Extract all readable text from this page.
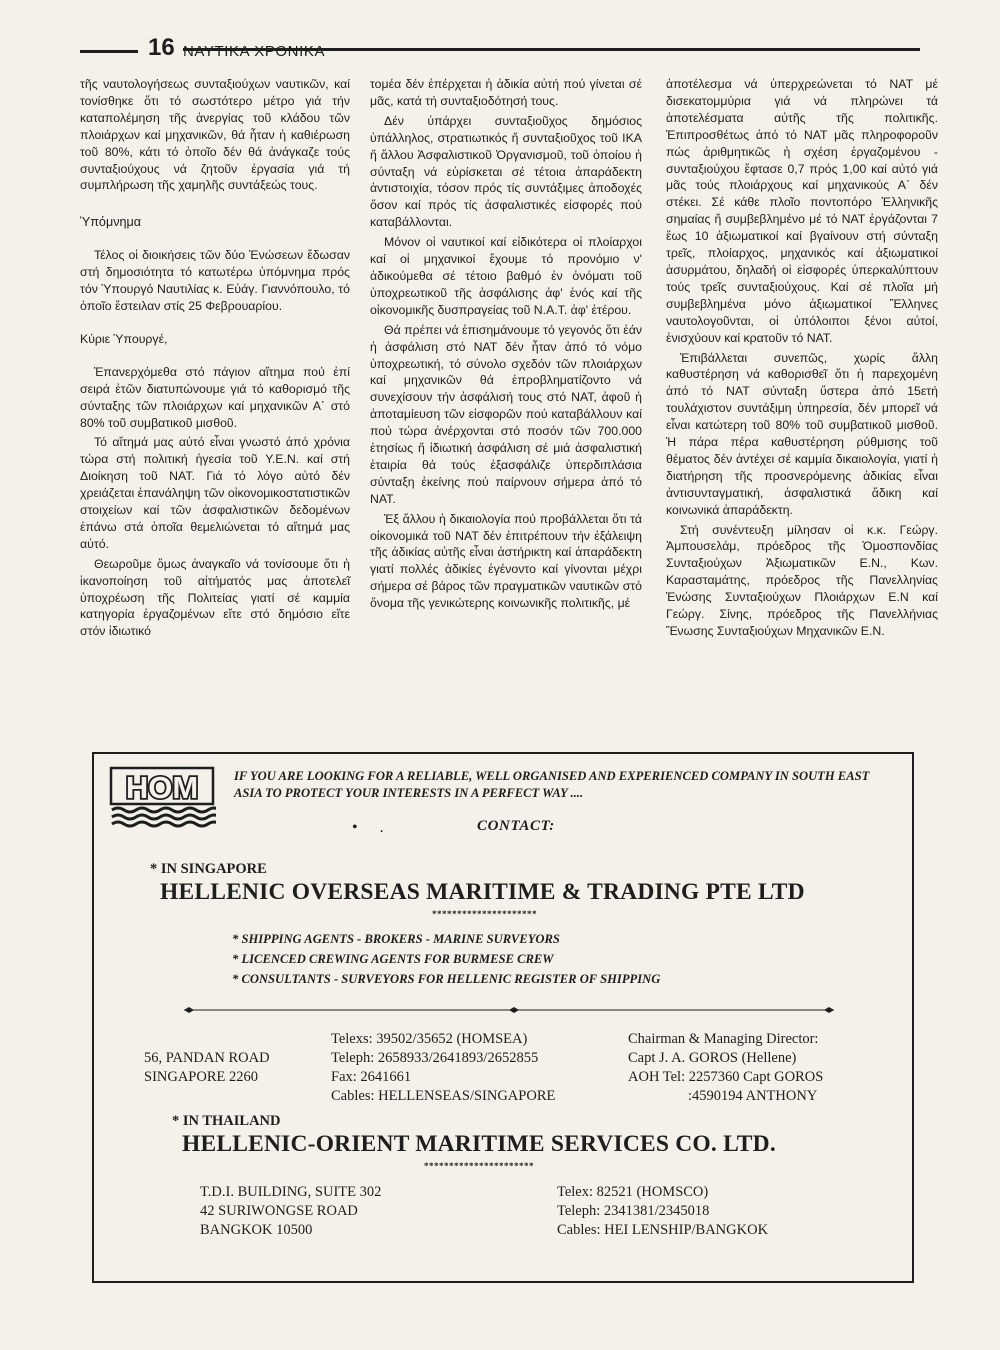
16 ΝΑΥΤΙΚΑ ΧΡΟΝΙΚΑ

τῆς ναυτολογήσεως συνταξιούχων ναυτικῶν, καί τονίσθηκε ὅτι τό σωστότερο μέτρο γιά τήν καταπολέμηση τῆς ἀνεργίας τοῦ κλάδου τῶν πλοιάρχων καί μηχανικῶν, θά ἦταν ἡ καθιέρωση τοῦ 80%, κάτι τό ὁποῖο δέν θά ἀνάγκαζε τούς συνταξιούχους νά ζητοῦν ἐργασία γιά τή συμπλήρωση τῆς χαμηλῆς συντάξεώς τους.

Ὑπόμνημα

Τέλος οἱ διοικήσεις τῶν δύο Ἑνώσεων ἔδωσαν στή δημοσιότητα τό κατωτέρω ὑπόμνημα πρός τόν Ὑπουργό Ναυτιλίας κ. Εὐάγ. Γιαννόπουλο, τό ὁποῖο ἔστειλαν στίς 25 Φεβρουαρίου.

Κύριε Ὑπουργέ,

Ἐπανερχόμεθα στό πάγιον αἴτημα πού ἐπί σειρά ἐτῶν διατυπώνουμε γιά τό καθορισμό τῆς σύνταξης τῶν πλοιάρχων καί μηχανικῶν Α΄ στό 80% τοῦ συμβατικοῦ μισθοῦ.

Τό αἴτημά μας αὐτό εἶναι γνωστό ἀπό χρόνια τώρα στή πολιτική ἡγεσία τοῦ Υ.Ε.Ν. καί στή Διοίκηση τοῦ ΝΑΤ. Γιά τό λόγο αὐτό δέν χρειάζεται ἐπανάληψη τῶν οἰκονομικοστατιστικῶν στοιχείων καί τῶν ἀσφαλιστικῶν δεδομένων ἐπάνω στά ὁποῖα θεμελιώνεται τό αἴτημά μας αὐτό.

Θεωροῦμε ὅμως ἀναγκαῖο νά τονίσουμε ὅτι ἡ ἱκανοποίηση τοῦ αἰτήματός μας ἀποτελεῖ ὑποχρέωση τῆς Πολιτείας γιατί σέ καμμία κατηγορία ἐργαζομένων εἴτε στό δημόσιο εἴτε στόν ἰδιωτικό

τομέα δέν ἐπέρχεται ἡ ἀδικία αὐτή πού γίνεται σέ μᾶς, κατά τή συνταξιοδότησή τους.

Δέν ὑπάρχει συνταξιοῦχος δημόσιος ὑπάλληλος, στρατιωτικός ἤ συνταξιοῦχος τοῦ ΙΚΑ ἤ ἄλλου Ἀσφαλιστικοῦ Ὀργανισμοῦ, τοῦ ὁποίου ἡ σύνταξη νά εὑρίσκεται σέ τέτοια ἀπαράδεκτη ἀντιστοιχία, τόσον πρός τίς συντάξιμες ἀποδοχές ὅσον καί πρός τίς ἀσφαλιστικές εἰσφορές πού καταβάλλονται.

Μόνον οἱ ναυτικοί καί εἰδικότερα οἱ πλοίαρχοι καί οἱ μηχανικοί ἔχουμε τό προνόμιο ν' ἀδικούμεθα σέ τέτοιο βαθμό ἐν ὀνόματι τοῦ ὑποχρεωτικοῦ τῆς ἀσφάλισης ἀφ' ἑνός καί τῆς οἰκονομικῆς δυσπραγείας τοῦ Ν.Α.Τ. ἀφ' ἑτέρου.

Θά πρέπει νά ἐπισημάνουμε τό γεγονός ὅτι ἐάν ἡ ἀσφάλιση στό ΝΑΤ δέν ἦταν ἀπό τό νόμο ὑποχρεωτική, τό σύνολο σχεδόν τῶν πλοιάρχων καί μηχανικῶν θά ἐπροβληματίζοντο νά συνεχίσουν τήν ἀσφάλισή τους στό ΝΑΤ, ἀφοῦ ἡ ἀποταμίευση τῶν εἰσφορῶν πού καταβάλλουν καί πού τώρα ἀνέρχονται στό ποσόν τῶν 700.000 ἐτησίως ἤ ἰδιωτική ἀσφάλιση σέ μιά ἀσφαλιστική ἑταιρία θά τούς ἐξασφάλιζε ὑπερδιπλάσια σύνταξη ἐκείνης πού παίρνουν σήμερα ἀπό τό ΝΑΤ.

Ἐξ ἄλλου ἡ δικαιολογία πού προβάλλεται ὅτι τά οἰκονομικά τοῦ ΝΑΤ δέν ἐπιτρέπουν τήν ἐξάλειψη τῆς ἀδικίας αὐτῆς εἶναι ἀστήρικτη καί ἀπαράδεκτη γιατί πολλές ἀδικίες ἐγένοντο καί γίνονται μέχρι σήμερα σέ βάρος τῶν πραγματικῶν ναυτικῶν στό ὄνομα τῆς γενικώτερης κοινωνικῆς πολιτικῆς, μέ

ἀποτέλεσμα νά ὑπερχρεώνεται τό ΝΑΤ μέ δισεκατομμύρια γιά νά πληρώνει τά ἀποτελέσματα αὐτῆς τῆς πολιτικῆς. Ἐπιπροσθέτως ἀπό τό ΝΑΤ μᾶς πληροφοροῦν πώς ἀριθμητικῶς ἡ σχέση ἐργαζομένου - συνταξιούχου ἔφτασε 0,7 πρός 1,00 καί αὐτό γιά μᾶς τούς πλοιάρχους καί μηχανικούς Α΄ δέν στέκει. Σέ κάθε πλοῖο ποντοπόρο Ἑλληνικῆς σημαίας ἤ συμβεβλημένο μέ τό ΝΑΤ ἐργάζονται 7 ἕως 10 ἀξιωματικοί καί βγαίνουν στή σύνταξη τρεῖς, πλοίαρχος, μηχανικός καί ἀξιωματικοί ἀσυρμάτου, δηλαδή οἱ εἰσφορές ὑπερκαλύπτουν τούς τρεῖς συνταξιούχους. Καί σέ πλοῖα μή συμβεβλημένα μόνο ἀξιωματικοί Ἕλληνες ναυτολογοῦνται, οἱ ὑπόλοιποι ξένοι αὐτοί, ἐνισχύουν καί κρατοῦν τό ΝΑΤ.

Ἐπιβάλλεται συνεπῶς, χωρίς ἄλλη καθυστέρηση νά καθορισθεῖ ὅτι ἡ παρεχομένη ἀπό τό ΝΑΤ σύνταξη ὕστερα ἀπό 15ετή τουλάχιστον συντάξιμη ὑπηρεσία, δέν μπορεῖ νά εἶναι κατώτερη τοῦ 80% τοῦ συμβατικοῦ μισθοῦ. Ἡ πάρα πέρα καθυστέρηση ρύθμισης τοῦ θέματος δέν ἀντέχει σέ καμμία δικαιολογία, γιατί ἡ διατήρηση τῆς προσνερόμενης ἀδικίας εἶναι ἀντισυνταγματική, ἀσφαλιστικά ἄδικη καί κοινωνικά ἀπαράδεκτη.

Στή συνέντευξη μίλησαν οἱ κ.κ. Γεώργ. Ἀμπουσελάμ, πρόεδρος τῆς Ὁμοσπονδίας Συνταξιούχων Ἀξιωματικῶν Ε.Ν., Κων. Καρασταμάτης, πρόεδρος τῆς Πανελληνίας Ἑνώσης Συνταξιούχων Πλοιάρχων Ε.Ν καί Γεώργ. Σίνης, πρόεδρος τῆς Πανελλήνιας Ἕνωσης Συνταξιούχων Μηχανικῶν Ε.Ν.

HOM	IF YOU ARE LOOKING FOR A RELIABLE, WELL ORGANISED AND EXPERIENCED COMPANY IN SOUTH EAST ASIA TO PROTECT YOUR INTERESTS IN A PERFECT WAY ....
• .	CONTACT:
* IN SINGAPORE
HELLENIC OVERSEAS MARITIME & TRADING PTE LTD
*********************
* SHIPPING AGENTS - BROKERS - MARINE SURVEYORS
* LICENCED CREWING AGENTS FOR BURMESE CREW
* CONSULTANTS - SURVEYORS FOR HELLENIC REGISTER OF SHIPPING
56, PANDAN ROAD
SINGAPORE 2260
Telexs: 39502/35652 (HOMSEA)
Teleph: 2658933/2641893/2652855
Fax: 2641661
Cables: HELLENSEAS/SINGAPORE
Chairman & Managing Director:
Capt J. A. GOROS (Hellene)
AOH Tel: 2257360 Capt GOROS
:4590194 ANTHONY
* IN THAILAND
HELLENIC-ORIENT MARITIME SERVICES CO. LTD.
**********************
T.D.I. BUILDING, SUITE 302
42 SURIWONGSE ROAD
BANGKOK 10500
Telex: 82521 (HOMSCO)
Teleph: 2341381/2345018
Cables: HEI LENSHIP/BANGKOK
